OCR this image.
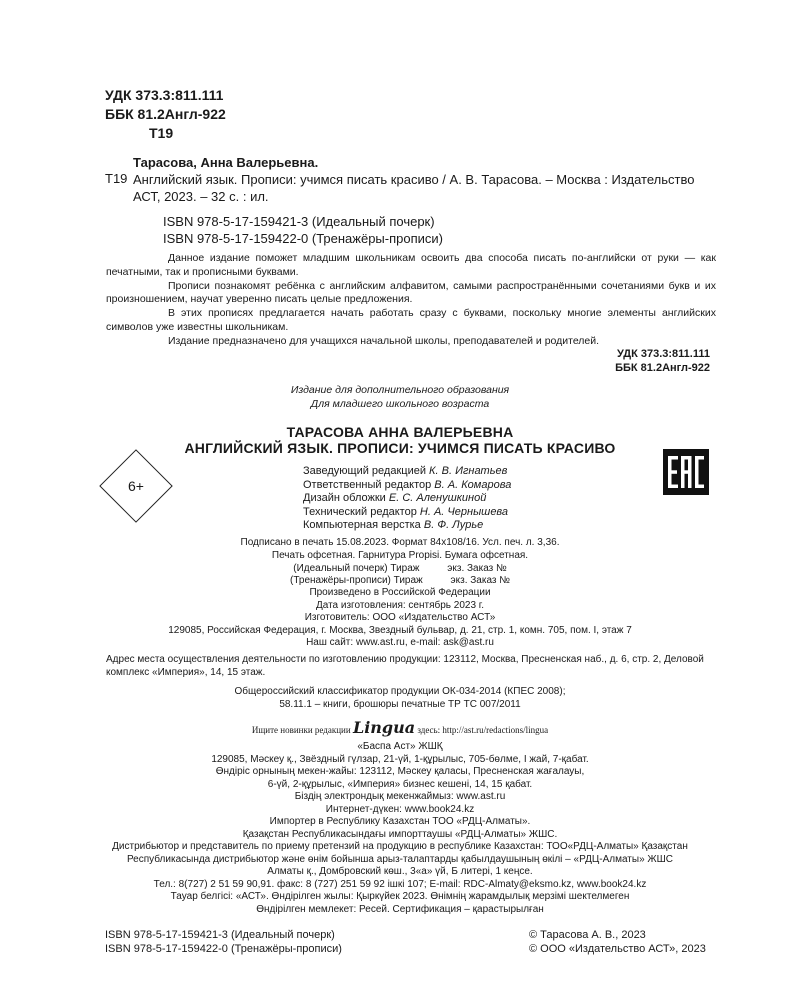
УДК 373.3:811.111
ББК 81.2Англ-922
Т19
Тарасова, Анна Валерьевна.
Т19 Английский язык. Прописи: учимся писать красиво / А. В. Тарасова. – Москва : Издательство АСТ, 2023. – 32 с. : ил.
ISBN 978-5-17-159421-3 (Идеальный почерк)
ISBN 978-5-17-159422-0 (Тренажёры-прописи)

Данное издание поможет младшим школьникам освоить два способа писать по-английски от руки — как печатными, так и прописными буквами.

Прописи познакомят ребёнка с английским алфавитом, самыми распространёнными сочетаниями букв и их произношением, научат уверенно писать целые предложения.

В этих прописях предлагается начать работать сразу с буквами, поскольку многие элементы английских символов уже известны школьникам.

Издание предназначено для учащихся начальной школы, преподавателей и родителей.

УДК 373.3:811.111
ББК 81.2Англ-922
Издание для дополнительного образования
Для младшего школьного возраста
ТАРАСОВА АННА ВАЛЕРЬЕВНА
АНГЛИЙСКИЙ ЯЗЫК. ПРОПИСИ: УЧИМСЯ ПИСАТЬ КРАСИВО
6+
Заведующий редакцией К. В. Игнатьев
Ответственный редактор В. А. Комарова
Дизайн обложки Е. С. Аленушкиной
Технический редактор Н. А. Чернышева
Компьютерная верстка В. Ф. Лурье
Подписано в печать 15.08.2023. Формат 84x108/16. Усл. печ. л. 3,36.
Печать офсетная. Гарнитура Propisi. Бумага офсетная.
(Идеальный почерк) Тираж          экз. Заказ №
(Тренажёры-прописи) Тираж          экз. Заказ №
Произведено в Российской Федерации
Дата изготовления: сентябрь 2023 г.
Изготовитель: ООО «Издательство АСТ»
129085, Российская Федерация, г. Москва, Звездный бульвар, д. 21, стр. 1, комн. 705, пом. I, этаж 7
Наш сайт: www.ast.ru, e-mail: ask@ast.ru
Адрес места осуществления деятельности по изготовлению продукции: 123112, Москва, Пресненская наб., д. 6, стр. 2, Деловой комплекс «Империя», 14, 15 этаж.
Общероссийский классификатор продукции ОК-034-2014 (КПЕС 2008);
58.11.1 – книги, брошюры печатные ТР ТС 007/2011
Ищите новинки редакции Lingua здесь: http://ast.ru/redactions/lingua
«Баспа Аст» ЖШҚ
129085, Мәскеу қ., Звёздный гүлзар, 21-үй, 1-құрылыс, 705-бөлме, I жай, 7-қабат.
Өндіріс орнының мекен-жайы: 123112, Мәскеу қаласы, Пресненская жағалауы,
6-үй, 2-құрылыс, «Империя» бизнес кешені, 14, 15 қабат.
Біздің электрондық мекенжаймыз: www.ast.ru
Интернет-дүкен: www.book24.kz
Импортер в Республику Казахстан ТОО «РДЦ-Алматы».
Қазақстан Республикасындағы импорттаушы «РДЦ-Алматы» ЖШС.
Дистрибьютор и представитель по приему претензий на продукцию в республике Казахстан: ТОО«РДЦ-Алматы» Қазақстан
Республикасында дистрибьютор және өнім бойынша арыз-талаптарды қабылдаушының өкілі – «РДЦ-Алматы» ЖШС
Алматы қ., Домбровский көш., 3«а» үй, Б литері, 1 кеңсе.
Тел.: 8(727) 2 51 59 90,91. факс: 8 (727) 251 59 92 ішкі 107; E-mail: RDC-Almaty@eksmo.kz, www.book24.kz
Тауар белгісі: «АСТ». Өндірілген жылы: Қыркүйек 2023. Өнімнің жарамдылық мерзімі шектелмеген
Өндірілген мемлекет: Ресей. Сертификация – қарастырылған
ISBN 978-5-17-159421-3 (Идеальный почерк)
ISBN 978-5-17-159422-0 (Тренажёры-прописи)
© Тарасова А. В., 2023
© ООО «Издательство АСТ», 2023
